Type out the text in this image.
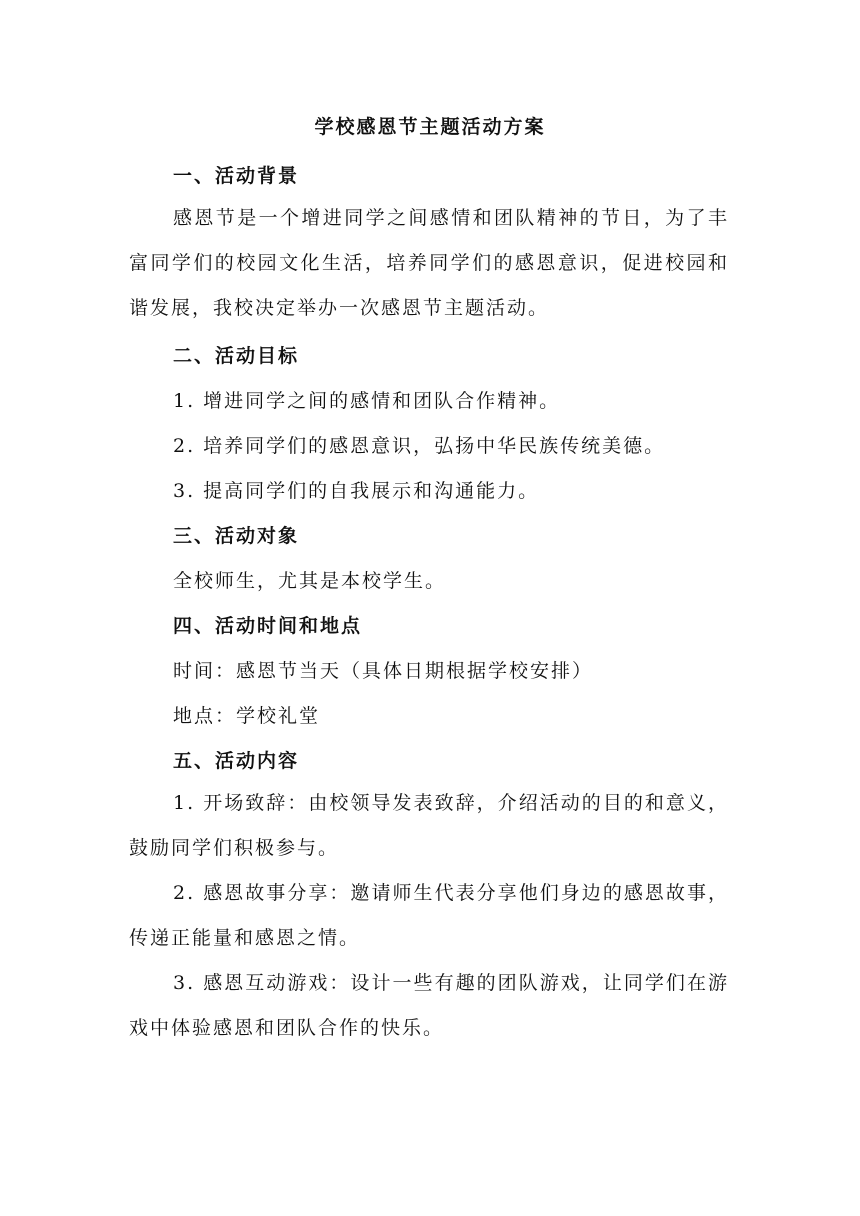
学校感恩节主题活动方案
一、活动背景
感恩节是一个增进同学之间感情和团队精神的节日，为了丰富同学们的校园文化生活，培养同学们的感恩意识，促进校园和谐发展，我校决定举办一次感恩节主题活动。
二、活动目标
1. 增进同学之间的感情和团队合作精神。
2. 培养同学们的感恩意识，弘扬中华民族传统美德。
3. 提高同学们的自我展示和沟通能力。
三、活动对象
全校师生，尤其是本校学生。
四、活动时间和地点
时间：感恩节当天（具体日期根据学校安排）
地点：学校礼堂
五、活动内容
1. 开场致辞：由校领导发表致辞，介绍活动的目的和意义，鼓励同学们积极参与。
2. 感恩故事分享：邀请师生代表分享他们身边的感恩故事，传递正能量和感恩之情。
3. 感恩互动游戏：设计一些有趣的团队游戏，让同学们在游戏中体验感恩和团队合作的快乐。
